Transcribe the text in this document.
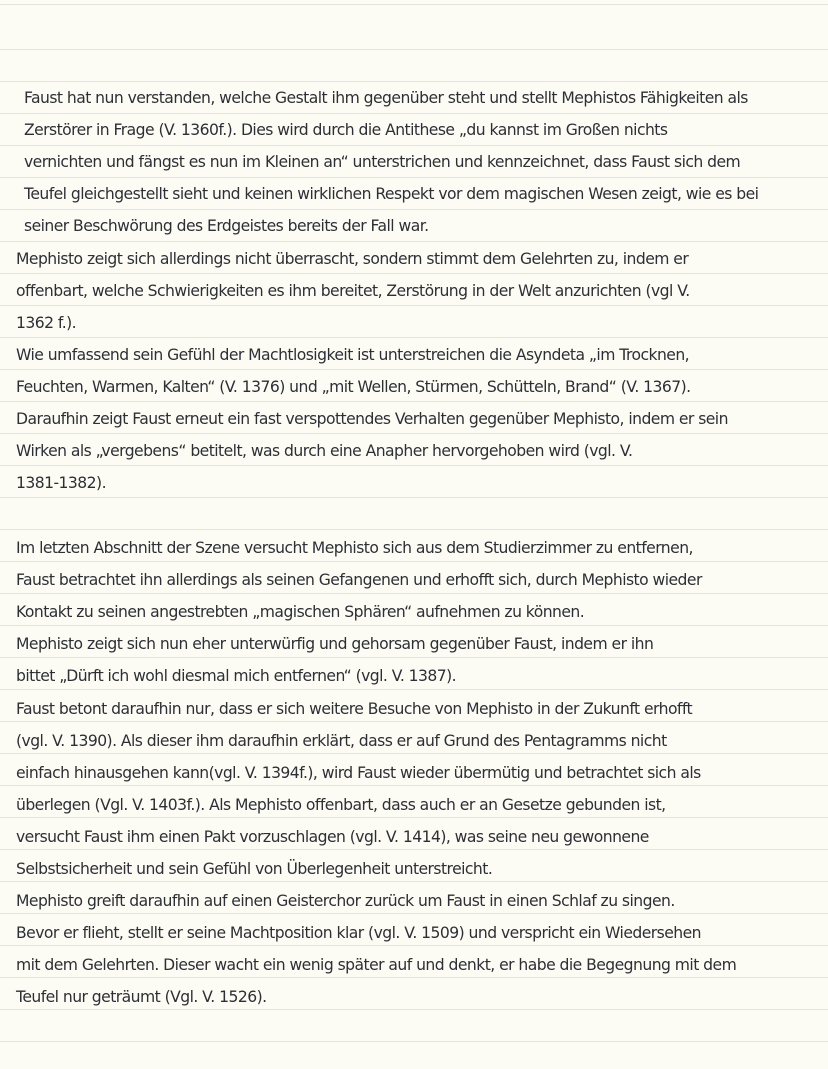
Faust hat nun verstanden, welche Gestalt ihm gegenüber steht und stellt Mephistos Fähigkeiten als
Zerstörer in Frage (V. 1360f.). Dies wird durch die Antithese „du kannst im Großen nichts
vernichten und fängst es nun im Kleinen an“ unterstrichen und kennzeichnet, dass Faust sich dem
Teufel gleichgestellt sieht und keinen wirklichen Respekt vor dem magischen Wesen zeigt, wie es bei
seiner Beschwörung des Erdgeistes bereits der Fall war.
Mephisto zeigt sich allerdings nicht überrascht, sondern stimmt dem Gelehrten zu, indem er
offenbart, welche Schwierigkeiten es ihm bereitet, Zerstörung in der Welt anzurichten (vgl V.
1362 f.).
Wie umfassend sein Gefühl der Machtlosigkeit ist unterstreichen die Asyndeta „im Trocknen,
Feuchten, Warmen, Kalten“ (V. 1376) und „mit Wellen, Stürmen, Schütteln, Brand“ (V. 1367).
Daraufhin zeigt Faust erneut ein fast verspottendes Verhalten gegenüber Mephisto, indem er sein
Wirken als „vergebens“ betitelt, was durch eine Anapher hervorgehoben wird (vgl. V.
1381-1382).
Im letzten Abschnitt der Szene versucht Mephisto sich aus dem Studierzimmer zu entfernen,
Faust betrachtet ihn allerdings als seinen Gefangenen und erhofft sich, durch Mephisto wieder
Kontakt zu seinen angestrebten „magischen Sphären“ aufnehmen zu können.
Mephisto zeigt sich nun eher unterwürfig und gehorsam gegenüber Faust, indem er ihn
bittet „Dürft ich wohl diesmal mich entfernen“ (vgl. V. 1387).
Faust betont daraufhin nur, dass er sich weitere Besuche von Mephisto in der Zukunft erhofft
(vgl. V. 1390). Als dieser ihm daraufhin erklärt, dass er auf Grund des Pentagramms nicht
einfach hinausgehen kann(vgl. V. 1394f.), wird Faust wieder übermütig und betrachtet sich als
überlegen (Vgl. V. 1403f.). Als Mephisto offenbart, dass auch er an Gesetze gebunden ist,
versucht Faust ihm einen Pakt vorzuschlagen (vgl. V. 1414), was seine neu gewonnene
Selbstsicherheit und sein Gefühl von Überlegenheit unterstreicht.
Mephisto greift daraufhin auf einen Geisterchor zurück um Faust in einen Schlaf zu singen.
Bevor er flieht, stellt er seine Machtposition klar (vgl. V. 1509) und verspricht ein Wiedersehen
mit dem Gelehrten. Dieser wacht ein wenig später auf und denkt, er habe die Begegnung mit dem
Teufel nur geträumt (Vgl. V. 1526).
